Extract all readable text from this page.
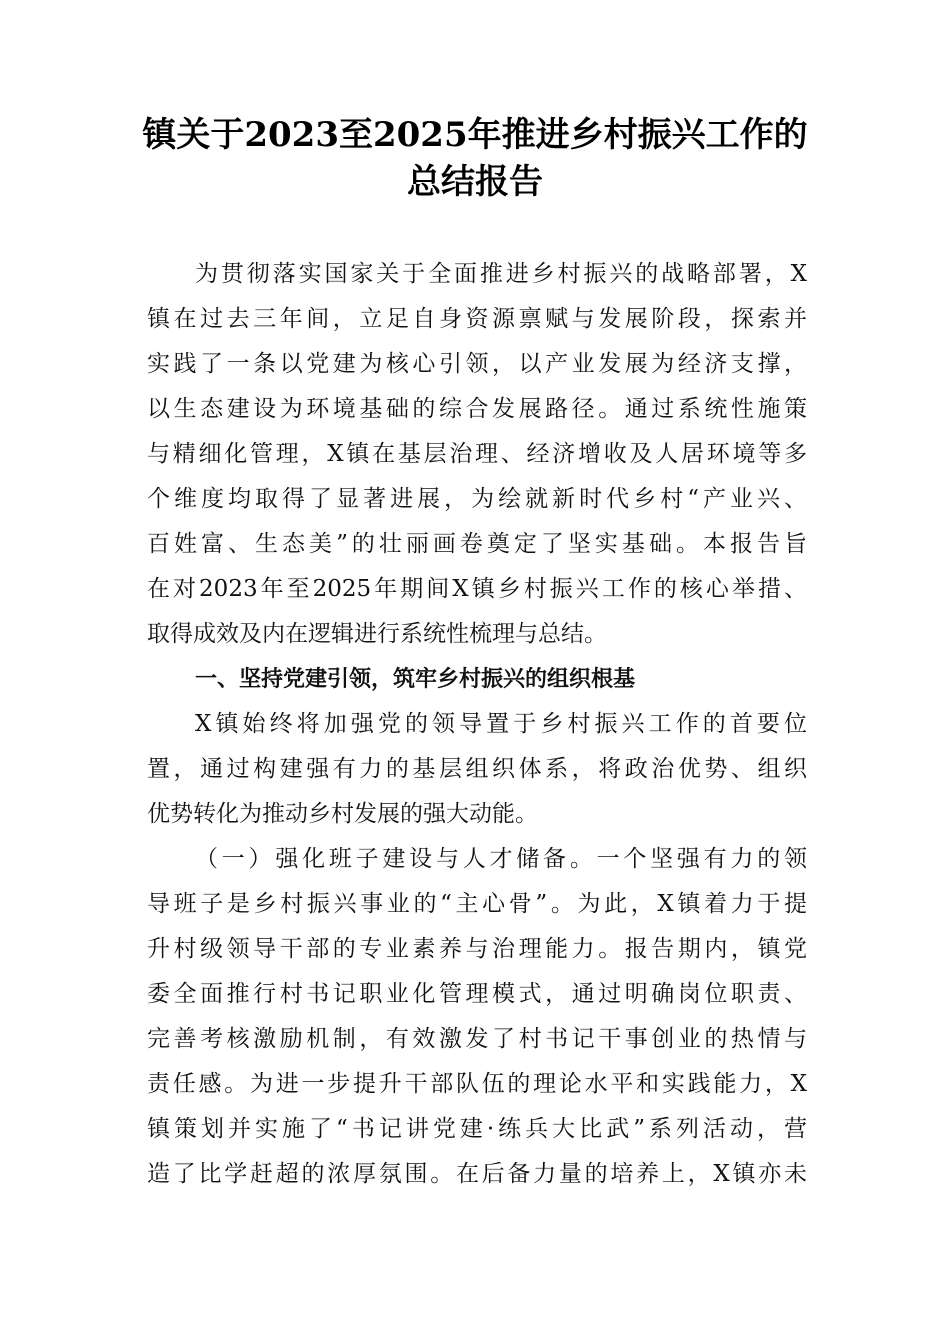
镇关于2023至2025年推进乡村振兴工作的
总结报告
为贯彻落实国家关于全面推进乡村振兴的战略部署，X
镇在过去三年间，立足自身资源禀赋与发展阶段，探索并
实践了一条以党建为核心引领，以产业发展为经济支撑，
以生态建设为环境基础的综合发展路径。通过系统性施策
与精细化管理，X镇在基层治理、经济增收及人居环境等多
个维度均取得了显著进展，为绘就新时代乡村“产业兴、
百姓富、生态美”的壮丽画卷奠定了坚实基础。本报告旨
在对2023年至2025年期间X镇乡村振兴工作的核心举措、
取得成效及内在逻辑进行系统性梳理与总结。
一、坚持党建引领，筑牢乡村振兴的组织根基
X镇始终将加强党的领导置于乡村振兴工作的首要位
置，通过构建强有力的基层组织体系，将政治优势、组织
优势转化为推动乡村发展的强大动能。
（一）强化班子建设与人才储备。一个坚强有力的领
导班子是乡村振兴事业的“主心骨”。为此，X镇着力于提
升村级领导干部的专业素养与治理能力。报告期内，镇党
委全面推行村书记职业化管理模式，通过明确岗位职责、
完善考核激励机制，有效激发了村书记干事创业的热情与
责任感。为进一步提升干部队伍的理论水平和实践能力，X
镇策划并实施了“书记讲党建·练兵大比武”系列活动，营
造了比学赶超的浓厚氛围。在后备力量的培养上，X镇亦未
